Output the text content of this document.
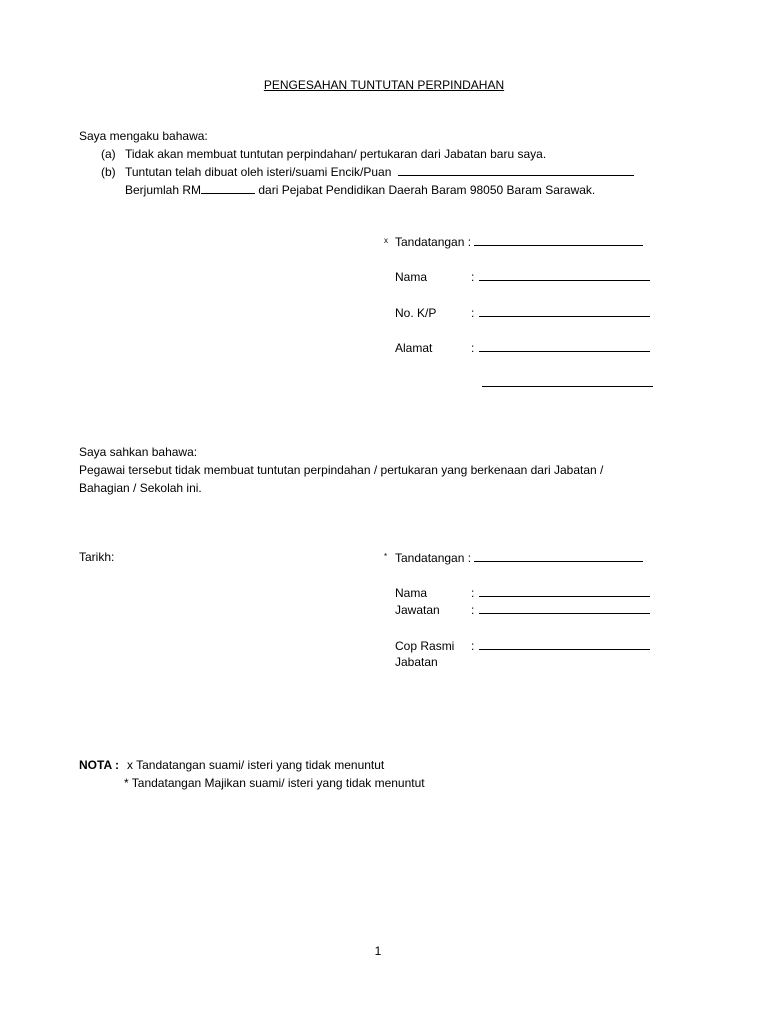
PENGESAHAN TUNTUTAN PERPINDAHAN
Saya mengaku bahawa:
(a) Tidak akan membuat tuntutan perpindahan/ pertukaran dari Jabatan baru saya.
(b) Tuntutan telah dibuat oleh isteri/suami Encik/Puan
Berjumlah RM	dari Pejabat Pendidikan Daerah Baram 98050 Baram Sarawak.
x Tandatangan :
Nama	:
No. K/P	:
Alamat	:
Saya sahkan bahawa:
Pegawai tersebut tidak membuat tuntutan perpindahan / pertukaran yang berkenaan dari Jabatan /
Bahagian / Sekolah ini.
Tarikh:	* Tandatangan :
Nama	:
Jawatan	:
Cop Rasmi :
Jabatan
NOTA : x Tandatangan suami/ isteri yang tidak menuntut
* Tandatangan Majikan suami/ isteri yang tidak menuntut
1
